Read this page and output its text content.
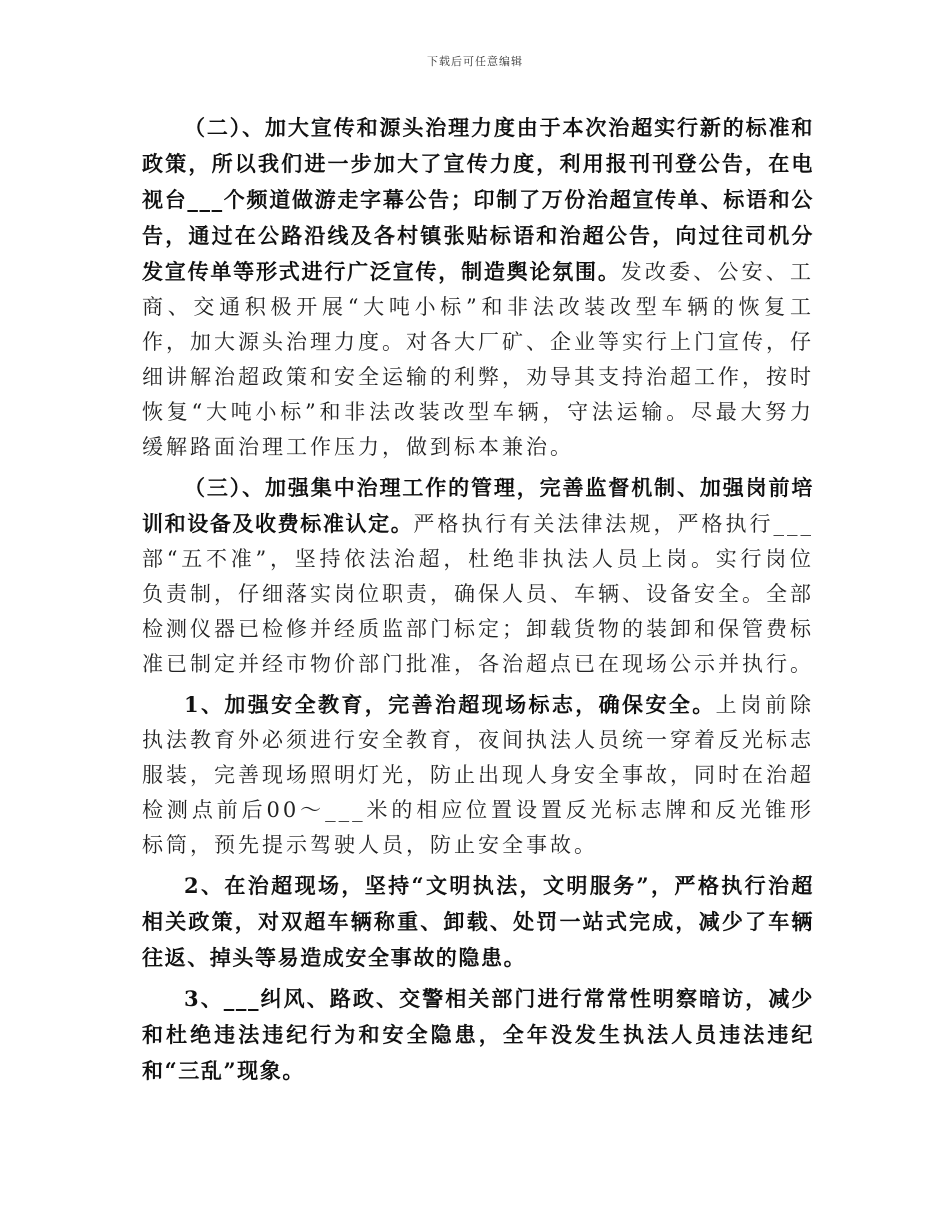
下载后可任意编辑

（二）、加大宣传和源头治理力度由于本次治超实行新的标准和政策，所以我们进一步加大了宣传力度，利用报刊刊登公告，在电视台___个频道做游走字幕公告；印制了万份治超宣传单、标语和公告，通过在公路沿线及各村镇张贴标语和治超公告，向过往司机分发宣传单等形式进行广泛宣传，制造舆论氛围。发改委、公安、工商、交通积极开展“大吨小标”和非法改装改型车辆的恢复工作，加大源头治理力度。对各大厂矿、企业等实行上门宣传，仔细讲解治超政策和安全运输的利弊，劝导其支持治超工作，按时恢复“大吨小标”和非法改装改型车辆，守法运输。尽最大努力缓解路面治理工作压力，做到标本兼治。

（三）、加强集中治理工作的管理，完善监督机制、加强岗前培训和设备及收费标准认定。严格执行有关法律法规，严格执行___部“五不准”，坚持依法治超，杜绝非执法人员上岗。实行岗位负责制，仔细落实岗位职责，确保人员、车辆、设备安全。全部检测仪器已检修并经质监部门标定；卸载货物的装卸和保管费标准已制定并经市物价部门批准，各治超点已在现场公示并执行。

1、加强安全教育，完善治超现场标志，确保安全。上岗前除执法教育外必须进行安全教育，夜间执法人员统一穿着反光标志服装，完善现场照明灯光，防止出现人身安全事故，同时在治超检测点前后00～___米的相应位置设置反光标志牌和反光锥形标筒，预先提示驾驶人员，防止安全事故。

2、在治超现场，坚持“文明执法，文明服务”，严格执行治超相关政策，对双超车辆称重、卸载、处罚一站式完成，减少了车辆往返、掉头等易造成安全事故的隐患。

3、___纠风、路政、交警相关部门进行常常性明察暗访，减少和杜绝违法违纪行为和安全隐患，全年没发生执法人员违法违纪和“三乱”现象。
